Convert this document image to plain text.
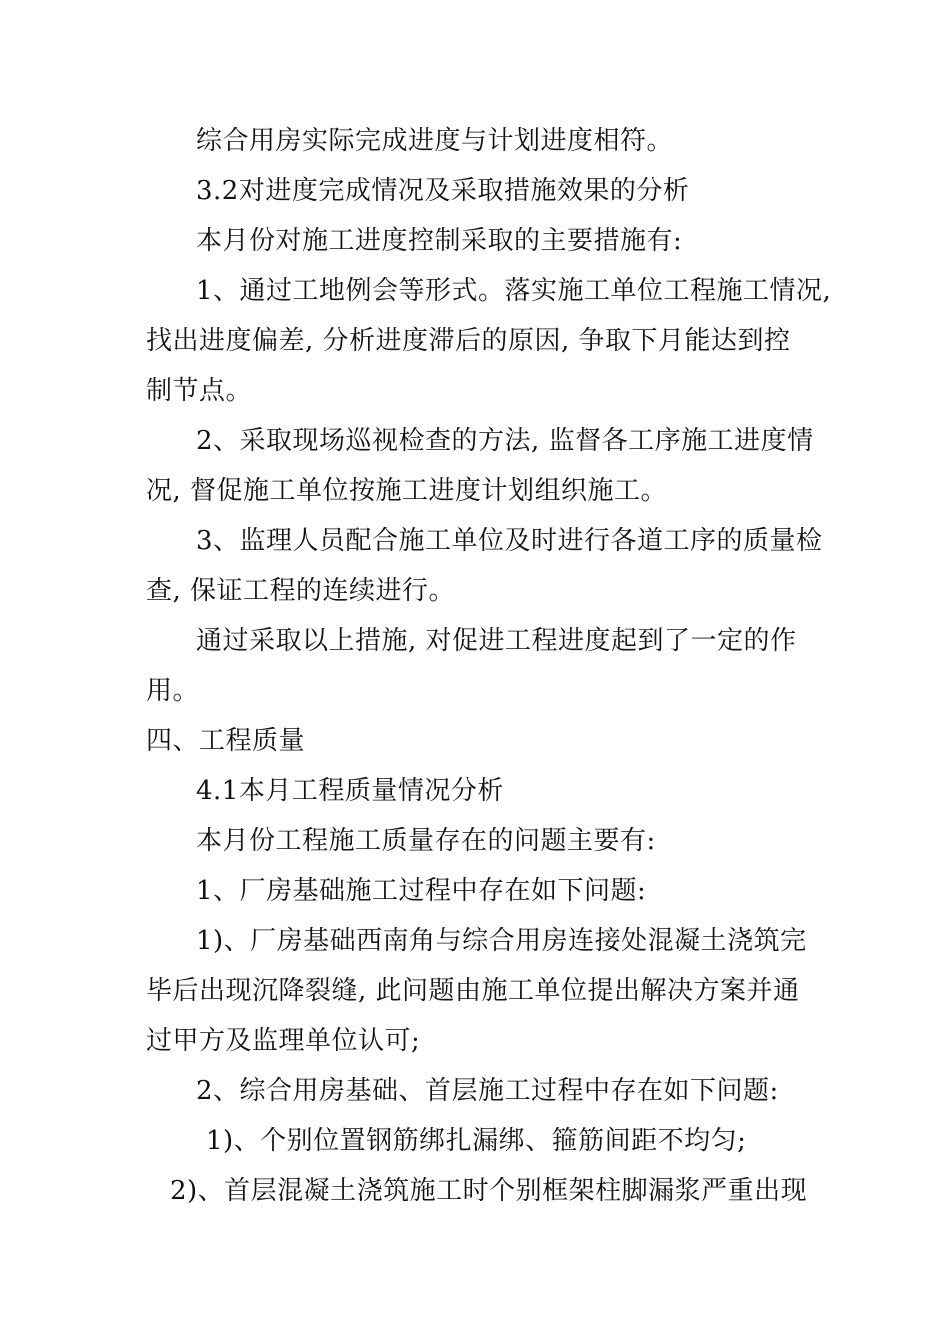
综合用房实际完成进度与计划进度相符。
3.2对进度完成情况及采取措施效果的分析
本月份对施工进度控制采取的主要措施有:
1、通过工地例会等形式。落实施工单位工程施工情况,
找出进度偏差, 分析进度滞后的原因, 争取下月能达到控
制节点。
2、采取现场巡视检查的方法, 监督各工序施工进度情
况, 督促施工单位按施工进度计划组织施工。
3、监理人员配合施工单位及时进行各道工序的质量检
查, 保证工程的连续进行。
通过采取以上措施, 对促进工程进度起到了一定的作
用。
四、工程质量
4.1本月工程质量情况分析
本月份工程施工质量存在的问题主要有:
1、厂房基础施工过程中存在如下问题:
1)、厂房基础西南角与综合用房连接处混凝土浇筑完
毕后出现沉降裂缝, 此问题由施工单位提出解决方案并通
过甲方及监理单位认可;
2、综合用房基础、首层施工过程中存在如下问题:
1)、个别位置钢筋绑扎漏绑、箍筋间距不均匀;
2)、首层混凝土浇筑施工时个别框架柱脚漏浆严重出现
